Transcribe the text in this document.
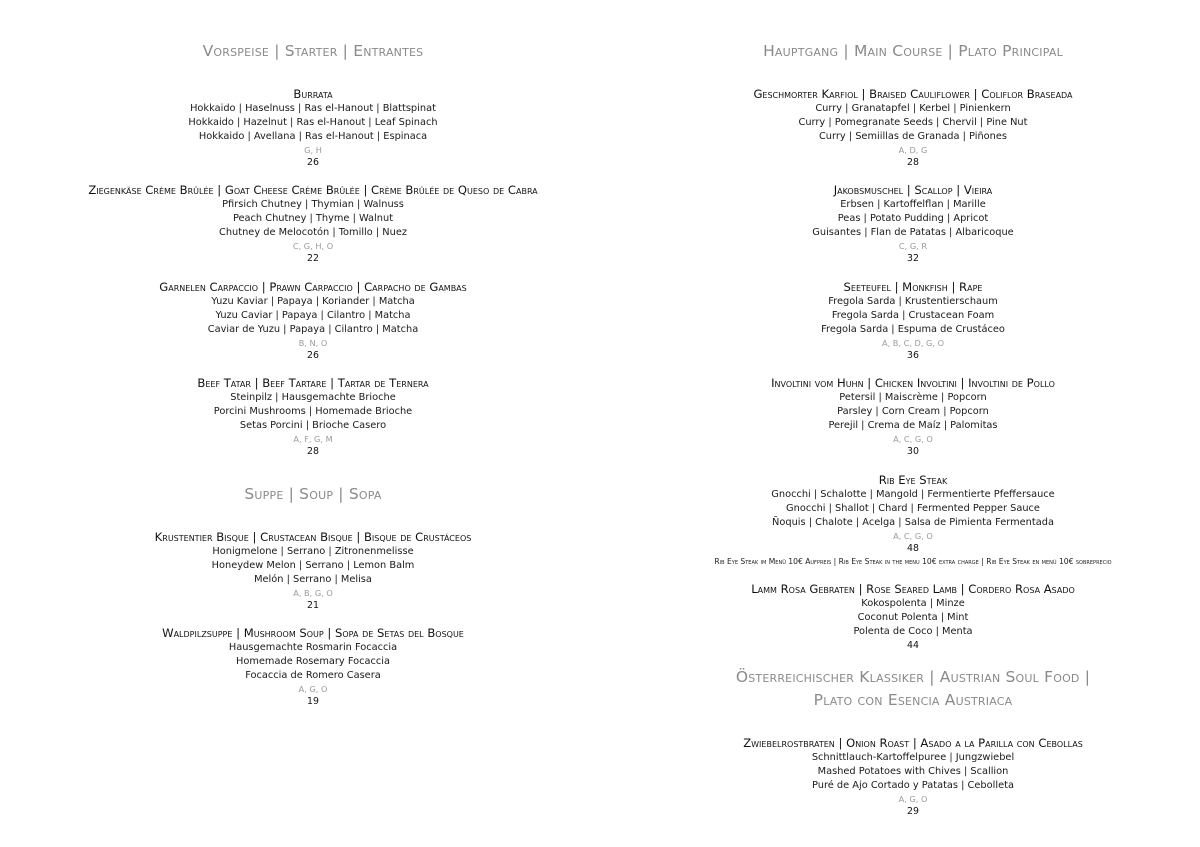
Vorspeise | Starter | Entrantes
Burrata
Hokkaido | Haselnuss | Ras el-Hanout | Blattspinat
Hokkaido | Hazelnut | Ras el-Hanout | Leaf Spinach
Hokkaido | Avellana | Ras el-Hanout | Espinaca
G, H
26
Ziegenkäse Crème Brûlée | Goat Cheese Crème Brûlée | Crème Brûlée de Queso de Cabra
Pfirsich Chutney | Thymian | Walnuss
Peach Chutney | Thyme | Walnut
Chutney de Melocotón | Tomillo | Nuez
C, G, H, O
22
Garnelen Carpaccio | Prawn Carpaccio | Carpacho de Gambas
Yuzu Kaviar | Papaya | Koriander | Matcha
Yuzu Caviar | Papaya | Cilantro | Matcha
Caviar de Yuzu | Papaya | Cilantro | Matcha
B, N, O
26
Beef Tatar | Beef Tartare | Tartar de Ternera
Steinpilz | Hausgemachte Brioche
Porcini Mushrooms | Homemade Brioche
Setas Porcini | Brioche Casero
A, F, G, M
28
Suppe | Soup | Sopa
Krustentier Bisque | Crustacean Bisque | Bisque de Crustáceos
Honigmelone | Serrano | Zitronenmelisse
Honeydew Melon | Serrano | Lemon Balm
Melón | Serrano | Melisa
A, B, G, O
21
Waldpilzsuppe | Mushroom Soup | Sopa de Setas del Bosque
Hausgemachte Rosmarin Focaccia
Homemade Rosemary Focaccia
Focaccia de Romero Casera
A, G, O
19
Hauptgang | Main Course | Plato Principal
Geschmorter Karfiol | Braised Cauliflower | Coliflor Braseada
Curry | Granatapfel | Kerbel | Pinienkern
Curry | Pomegranate Seeds | Chervil | Pine Nut
Curry | Semiillas de Granada | Piñones
A, D, G
28
Jakobsmuschel | Scallop | Vieira
Erbsen | Kartoffelflan | Marille
Peas | Potato Pudding | Apricot
Guisantes | Flan de Patatas | Albaricoque
C, G, R
32
Seeteufel | Monkfish | Rape
Fregola Sarda | Krustentierschaum
Fregola Sarda | Crustacean Foam
Fregola Sarda | Espuma de Crustáceo
A, B, C, D, G, O
36
Involtini vom Huhn | Chicken Involtini | Involtini de Pollo
Petersil | Maiscrème | Popcorn
Parsley | Corn Cream | Popcorn
Perejil | Crema de Maíz | Palomitas
A, C, G, O
30
Rib Eye Steak
Gnocchi | Schalotte | Mangold | Fermentierte Pfeffersauce
Gnocchi | Shallot | Chard | Fermented Pepper Sauce
Ñoquis | Chalote | Acelga | Salsa de Pimienta Fermentada
A, C, G, O
48
Rib Eye Steak im Menü 10€ Aufpreis | Rib Eye Steak in the menu 10€ extra charge | Rib Eye Steak en menú 10€ sobreprecio
Lamm Rosa Gebraten | Rose Seared Lamb | Cordero Rosa Asado
Kokospolenta | Minze
Coconut Polenta | Mint
Polenta de Coco | Menta
44
Österreichischer Klassiker | Austrian Soul Food |
Plato con Esencia Austriaca
Zwiebelrostbraten | Onion Roast | Asado a la Parilla con Cebollas
Schnittlauch-Kartoffelpuree | Jungzwiebel
Mashed Potatoes with Chives | Scallion
Puré de Ajo Cortado y Patatas | Cebolleta
A, G, O
29
